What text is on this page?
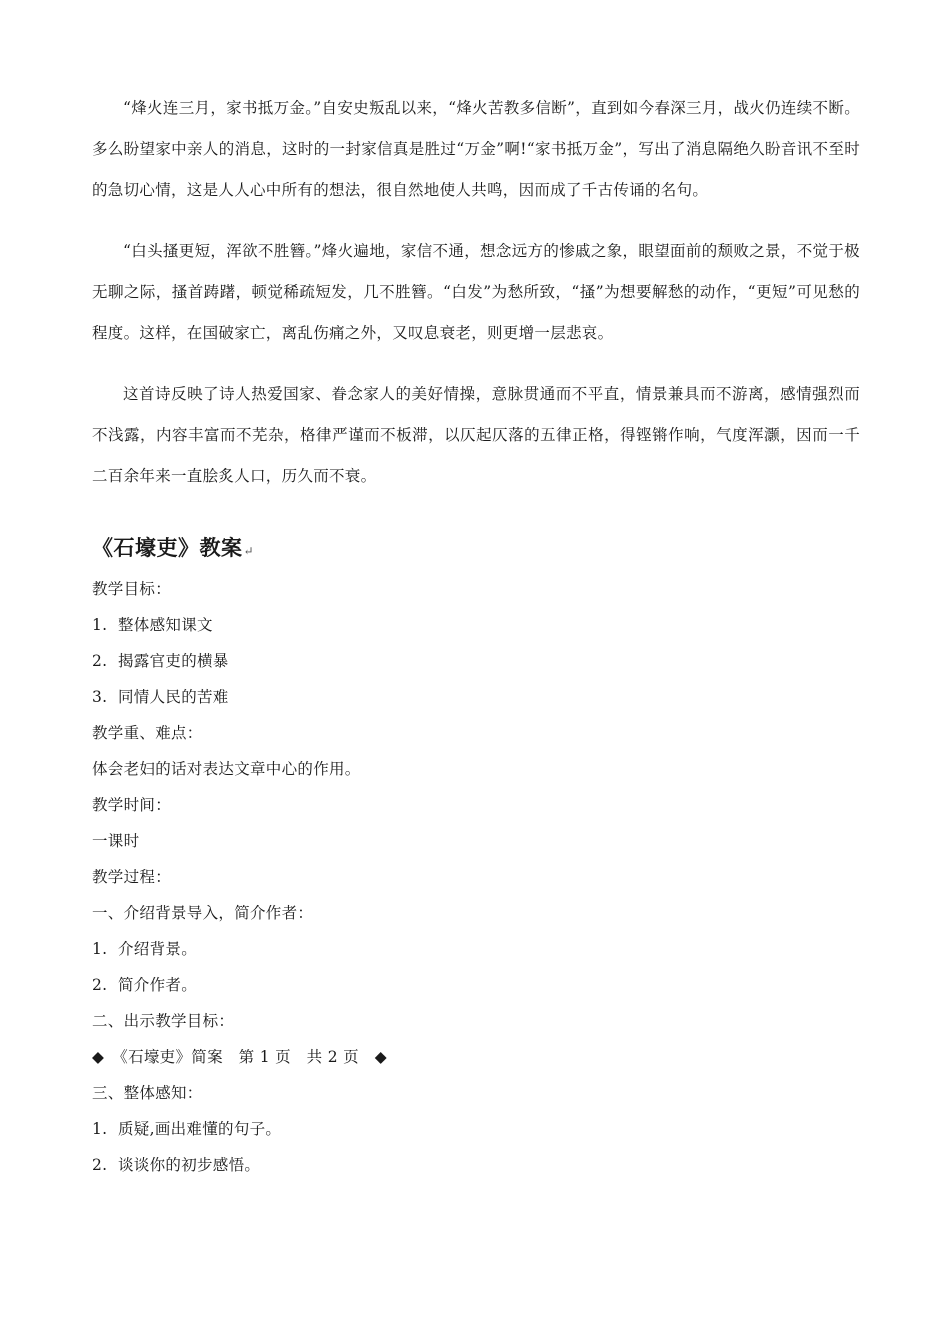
“烽火连三月，家书抵万金。”自安史叛乱以来，“烽火苦教多信断”，直到如今春深三月，战火仍连续不断。多么盼望家中亲人的消息，这时的一封家信真是胜过“万金”啊!“家书抵万金”，写出了消息隔绝久盼音讯不至时的急切心情，这是人人心中所有的想法，很自然地使人共鸣，因而成了千古传诵的名句。

“白头搔更短，浑欲不胜簪。”烽火遍地，家信不通，想念远方的惨戚之象，眼望面前的颓败之景，不觉于极无聊之际，搔首踌躇，顿觉稀疏短发，几不胜簪。“白发”为愁所致，“搔”为想要解愁的动作，“更短”可见愁的程度。这样，在国破家亡，离乱伤痛之外，又叹息衰老，则更增一层悲哀。

这首诗反映了诗人热爱国家、眷念家人的美好情操，意脉贯通而不平直，情景兼具而不游离，感情强烈而不浅露，内容丰富而不芜杂，格律严谨而不板滞，以仄起仄落的五律正格，得铿锵作响，气度浑灏，因而一千二百余年来一直脍炙人口，历久而不衰。

《石壕吏》教案↵
教学目标：
1. 整体感知课文
2. 揭露官吏的横暴
3. 同情人民的苦难
教学重、难点：
体会老妇的话对表达文章中心的作用。
教学时间：
一课时
教学过程：
一、介绍背景导入，简介作者：
1. 介绍背景。
2. 简介作者。
二、出示教学目标：
◆　《石壕吏》简案　第 1 页　共 2 页　◆
三、整体感知：
1. 质疑,画出难懂的句子。
2. 谈谈你的初步感悟。
